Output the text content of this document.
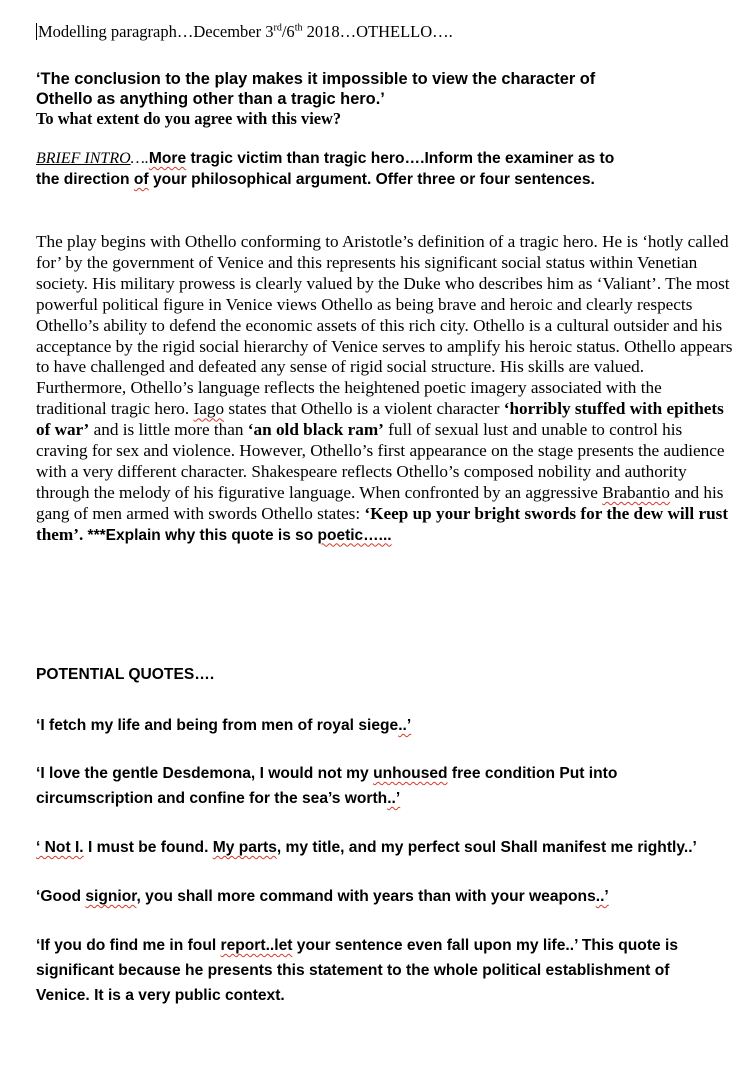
Modelling paragraph…December 3rd/6th 2018…OTHELLO….

‘The conclusion to the play makes it impossible to view the character of

Othello as anything other than a tragic hero.’

To what extent do you agree with this view?

BRIEF INTRO….More tragic victim than tragic hero….Inform the examiner as to

the direction of your philosophical argument. Offer three or four sentences.

The play begins with Othello conforming to Aristotle’s definition of a tragic hero. He is ‘hotly called for’ by the government of Venice and this represents his significant social status within Venetian society. His military prowess is clearly valued by the Duke who describes him as ‘Valiant’. The most powerful political figure in Venice views Othello as being brave and heroic and clearly respects Othello’s ability to defend the economic assets of this rich city. Othello is a cultural outsider and his acceptance by the rigid social hierarchy of Venice serves to amplify his heroic status. Othello appears to have challenged and defeated any sense of rigid social structure. His skills are valued. Furthermore, Othello’s language reflects the heightened poetic imagery associated with the traditional tragic hero. Iago states that Othello is a violent character ‘horribly stuffed with epithets of war’ and is little more than ‘an old black ram’ full of sexual lust and unable to control his craving for sex and violence. However, Othello’s first appearance on the stage presents the audience with a very different character. Shakespeare reflects Othello’s composed nobility and authority through the melody of his figurative language. When confronted by an aggressive Brabantio and his gang of men armed with swords Othello states: ‘Keep up your bright swords for the dew will rust them’. ***Explain why this quote is so poetic…...

POTENTIAL QUOTES….

‘I fetch my life and being from men of royal siege..’

‘I love the gentle Desdemona, I would not my unhoused free condition Put into

circumscription and confine for the sea’s worth..’

‘ Not I. I must be found. My parts, my title, and my perfect soul Shall manifest me rightly..’

‘Good signior, you shall more command with years than with your weapons..’

‘If you do find me in foul report..let your sentence even fall upon my life..’ This quote is

significant because he presents this statement to the whole political establishment of

Venice. It is a very public context.
